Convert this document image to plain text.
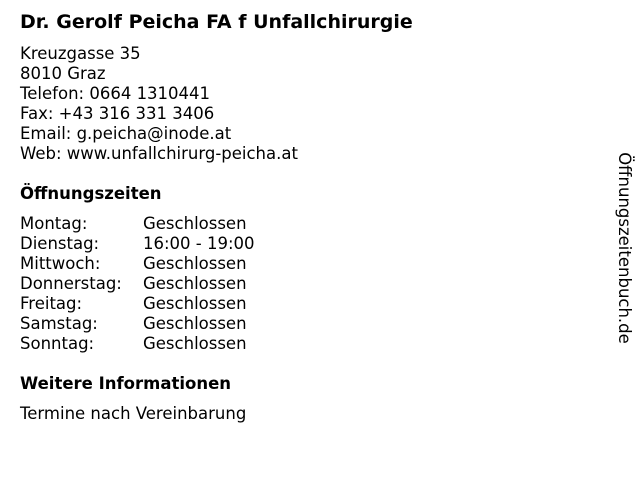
Dr. Gerolf Peicha FA f Unfallchirurgie
Kreuzgasse 35
8010 Graz
Telefon: 0664 1310441
Fax: +43 316 331 3406
Email: g.peicha@inode.at
Web: www.unfallchirurg-peicha.at
Öffnungszeiten
Montag:	Geschlossen
Dienstag:	16:00 - 19:00
Mittwoch:	Geschlossen
Donnerstag: Geschlossen
Freitag:	Geschlossen
Samstag:	Geschlossen
Sonntag:	Geschlossen
Weitere Informationen
Termine nach Vereinbarung
Öffnungszeitenbuch.de
